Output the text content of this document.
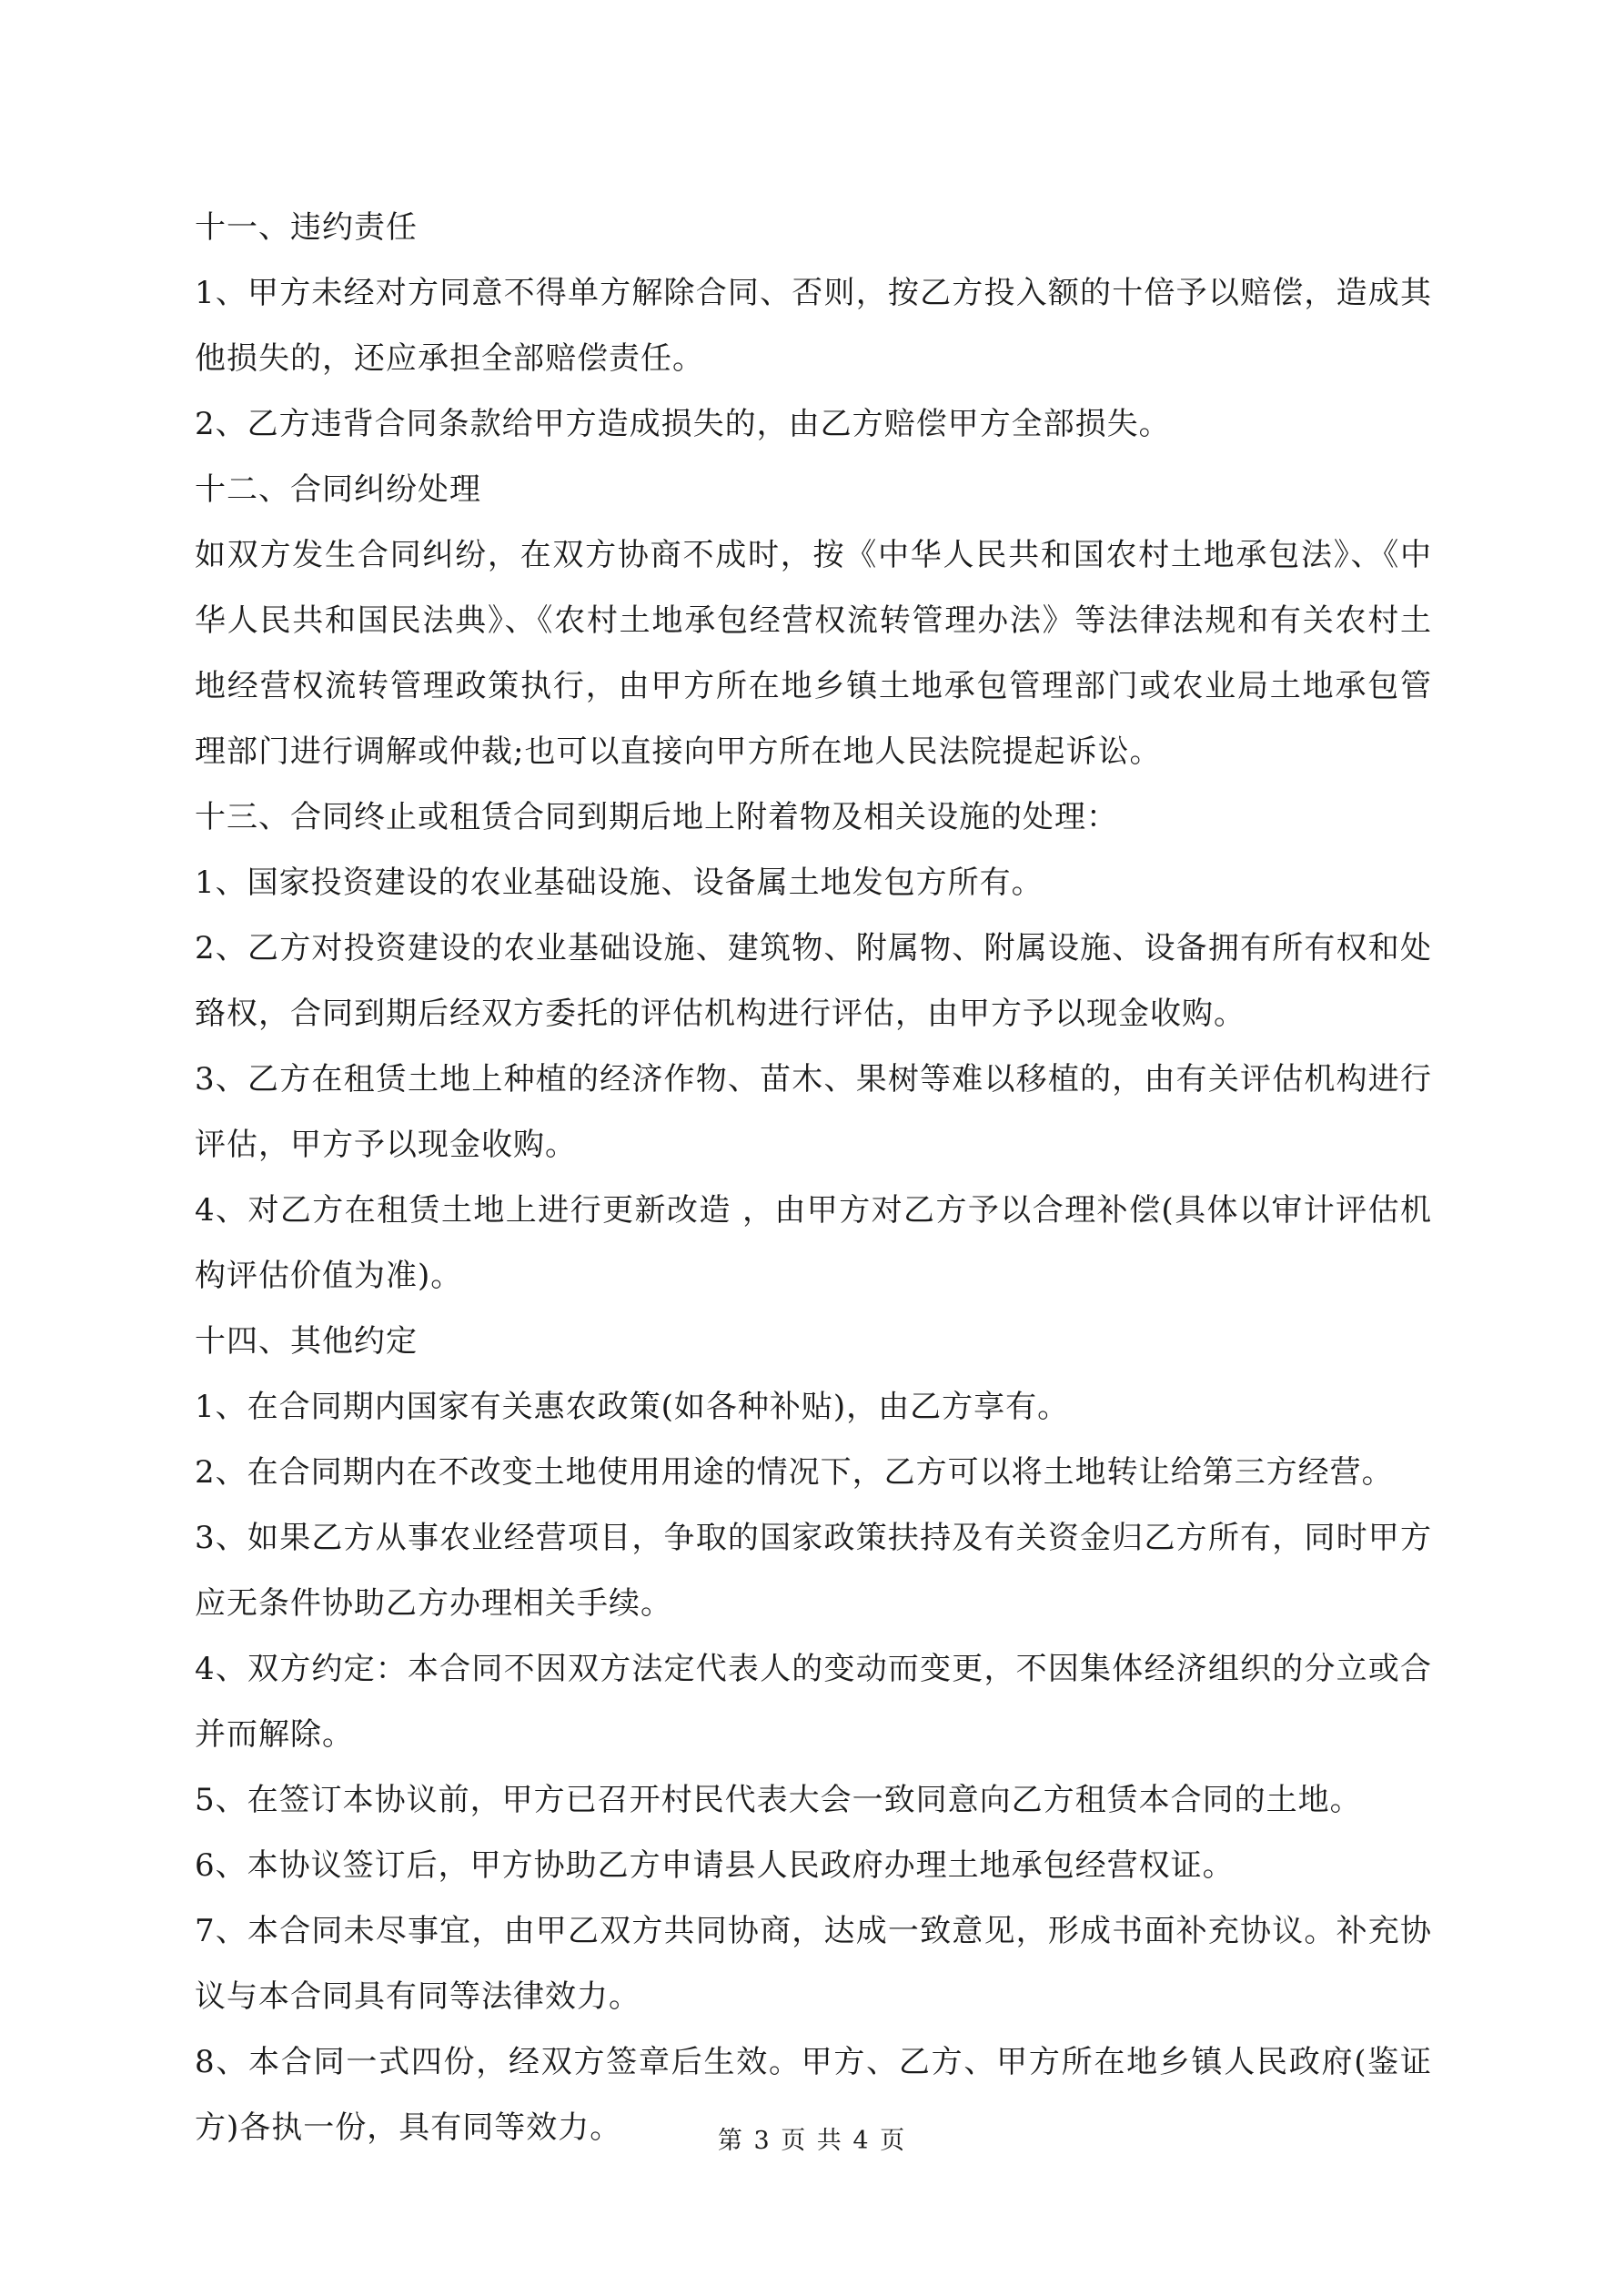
十一、违约责任

1、甲方未经对方同意不得单方解除合同、否则，按乙方投入额的十倍予以赔偿，造成其他损失的，还应承担全部赔偿责任。

2、乙方违背合同条款给甲方造成损失的，由乙方赔偿甲方全部损失。

十二、合同纠纷处理

如双方发生合同纠纷，在双方协商不成时，按《中华人民共和国农村土地承包法》、《中华人民共和国民法典》、《农村土地承包经营权流转管理办法》等法律法规和有关农村土地经营权流转管理政策执行，由甲方所在地乡镇土地承包管理部门或农业局土地承包管理部门进行调解或仲裁;也可以直接向甲方所在地人民法院提起诉讼。

十三、合同终止或租赁合同到期后地上附着物及相关设施的处理：

1、国家投资建设的农业基础设施、设备属土地发包方所有。

2、乙方对投资建设的农业基础设施、建筑物、附属物、附属设施、设备拥有所有权和处臵权，合同到期后经双方委托的评估机构进行评估，由甲方予以现金收购。

3、乙方在租赁土地上种植的经济作物、苗木、果树等难以移植的，由有关评估机构进行评估，甲方予以现金收购。

4、对乙方在租赁土地上进行更新改造 ，由甲方对乙方予以合理补偿(具体以审计评估机构评估价值为准)。

十四、其他约定

1、在合同期内国家有关惠农政策(如各种补贴)，由乙方享有。

2、在合同期内在不改变土地使用用途的情况下，乙方可以将土地转让给第三方经营。

3、如果乙方从事农业经营项目，争取的国家政策扶持及有关资金归乙方所有，同时甲方应无条件协助乙方办理相关手续。

4、双方约定：本合同不因双方法定代表人的变动而变更，不因集体经济组织的分立或合并而解除。

5、在签订本协议前，甲方已召开村民代表大会一致同意向乙方租赁本合同的土地。

6、本协议签订后，甲方协助乙方申请县人民政府办理土地承包经营权证。

7、本合同未尽事宜，由甲乙双方共同协商，达成一致意见，形成书面补充协议。补充协议与本合同具有同等法律效力。

8、本合同一式四份，经双方签章后生效。甲方、乙方、甲方所在地乡镇人民政府(鉴证方)各执一份，具有同等效力。	第 3 页 共 4 页
